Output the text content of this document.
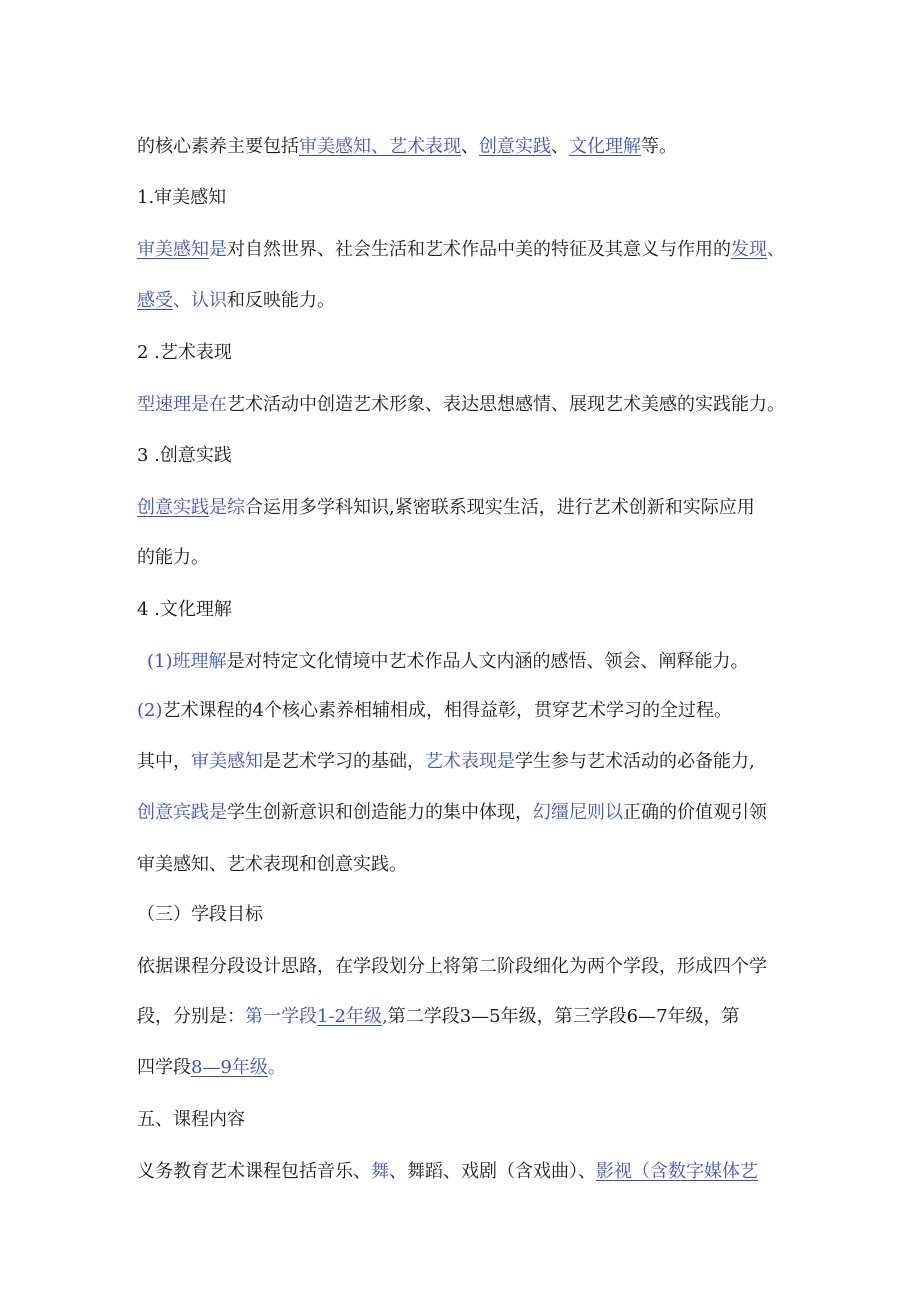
的核心素养主要包括审美感知、艺术表现、创意实践、文化理解等。
1.审美感知
审美感知是对自然世界、社会生活和艺术作品中美的特征及其意义与作用的发现、
感受、认识和反映能力。
2 .艺术表现
型速理是在艺术活动中创造艺术形象、表达思想感情、展现艺术美感的实践能力。
3 .创意实践
创意实践是综合运用多学科知识,紧密联系现实生活，进行艺术创新和实际应用
的能力。
4 .文化理解
(1)班理解是对特定文化情境中艺术作品人文内涵的感悟、领会、阐释能力。
(2)艺术课程的4个核心素养相辅相成，相得益彰，贯穿艺术学习的全过程。
其中，审美感知是艺术学习的基础，艺术表现是学生参与艺术活动的必备能力,
创意宾践是学生创新意识和创造能力的集中体现，幻缰尼则以正确的价值观引领
审美感知、艺术表现和创意实践。
（三）学段目标
依据课程分段设计思路，在学段划分上将第二阶段细化为两个学段，形成四个学
段，分别是：第一学段1-2年级,第二学段3—5年级，第三学段6—7年级，第
四学段8—9年级。
五、课程内容
义务教育艺术课程包括音乐、舞、舞蹈、戏剧（含戏曲）、影视（含数字媒体艺
